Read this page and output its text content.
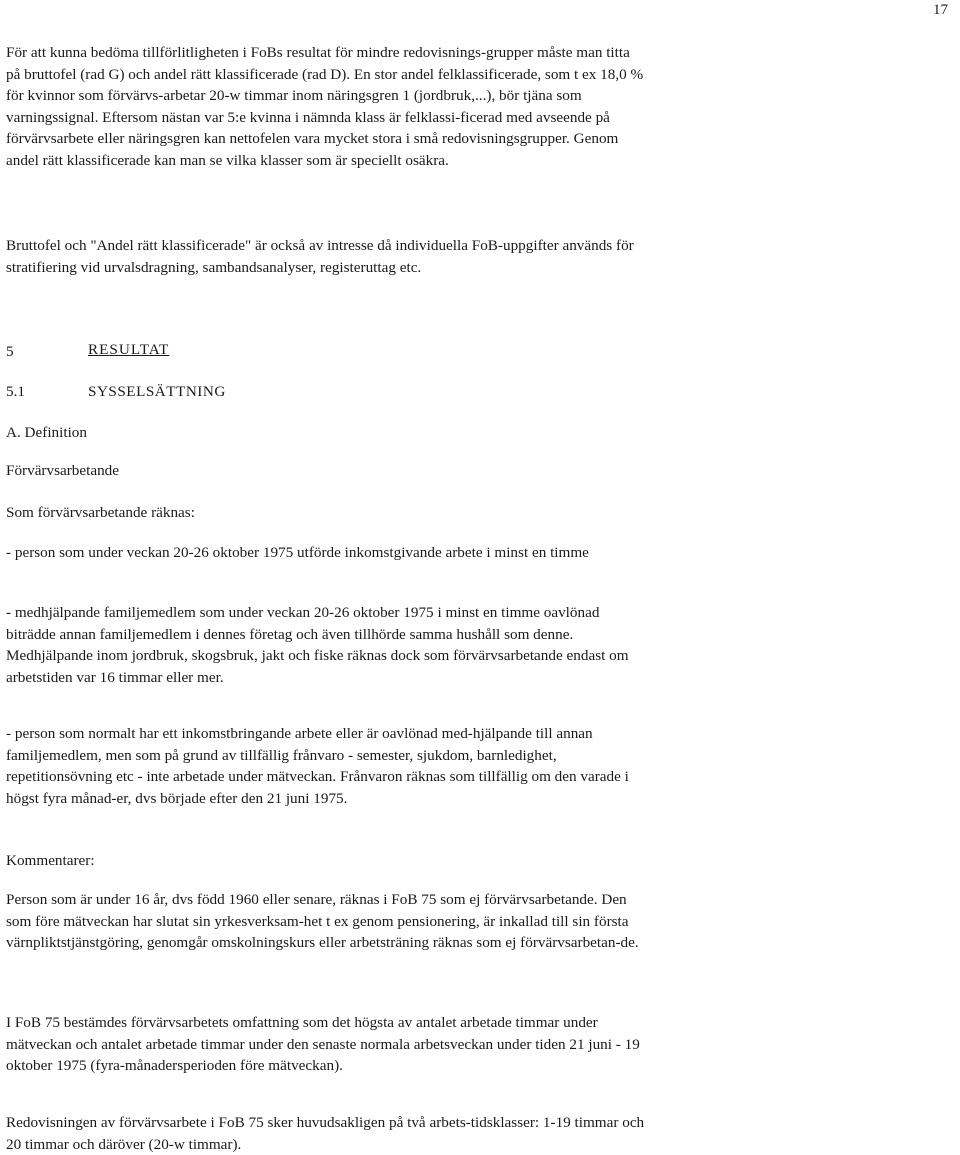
17

För att kunna bedöma tillförlitligheten i FoBs resultat för mindre redovisnings-grupper måste man titta på bruttofel (rad G) och andel rätt klassificerade (rad D). En stor andel felklassificerade, som t ex 18,0 % för kvinnor som förvärvs-arbetar 20-w timmar inom näringsgren 1 (jordbruk,...), bör tjäna som varningssignal. Eftersom nästan var 5:e kvinna i nämnda klass är felklassi-ficerad med avseende på förvärvsarbete eller näringsgren kan nettofelen vara mycket stora i små redovisningsgrupper. Genom andel rätt klassificerade kan man se vilka klasser som är speciellt osäkra.

Bruttofel och "Andel rätt klassificerade" är också av intresse då individuella FoB-uppgifter används för stratifiering vid urvalsdragning, sambandsanalyser, registeruttag etc.

5	RESULTAT
5.1	SYSSELSÄTTNING

A. Definition

Förvärvsarbetande

Som förvärvsarbetande räknas:

- person som under veckan 20-26 oktober 1975 utförde inkomstgivande arbete i minst en timme

- medhjälpande familjemedlem som under veckan 20-26 oktober 1975 i minst en timme oavlönad biträdde annan familjemedlem i dennes företag och även tillhörde samma hushåll som denne. Medhjälpande inom jordbruk, skogsbruk, jakt och fiske räknas dock som förvärvsarbetande endast om arbetstiden var 16 timmar eller mer.

- person som normalt har ett inkomstbringande arbete eller är oavlönad med-hjälpande till annan familjemedlem, men som på grund av tillfällig frånvaro - semester, sjukdom, barnledighet, repetitionsövning etc - inte arbetade under mätveckan. Frånvaron räknas som tillfällig om den varade i högst fyra månad-er, dvs började efter den 21 juni 1975.

Kommentarer:

Person som är under 16 år, dvs född 1960 eller senare, räknas i FoB 75 som ej förvärvsarbetande. Den som före mätveckan har slutat sin yrkesverksam-het t ex genom pensionering, är inkallad till sin första värnpliktstjänstgöring, genomgår omskolningskurs eller arbetsträning räknas som ej förvärvsarbetan-de.

I FoB 75 bestämdes förvärvsarbetets omfattning som det högsta av antalet arbetade timmar under mätveckan och antalet arbetade timmar under den senaste normala arbetsveckan under tiden 21 juni - 19 oktober 1975 (fyra-månadersperioden före mätveckan).

Redovisningen av förvärvsarbete i FoB 75 sker huvudsakligen på två arbets-tidsklasser: 1-19 timmar och 20 timmar och däröver (20-w timmar).
